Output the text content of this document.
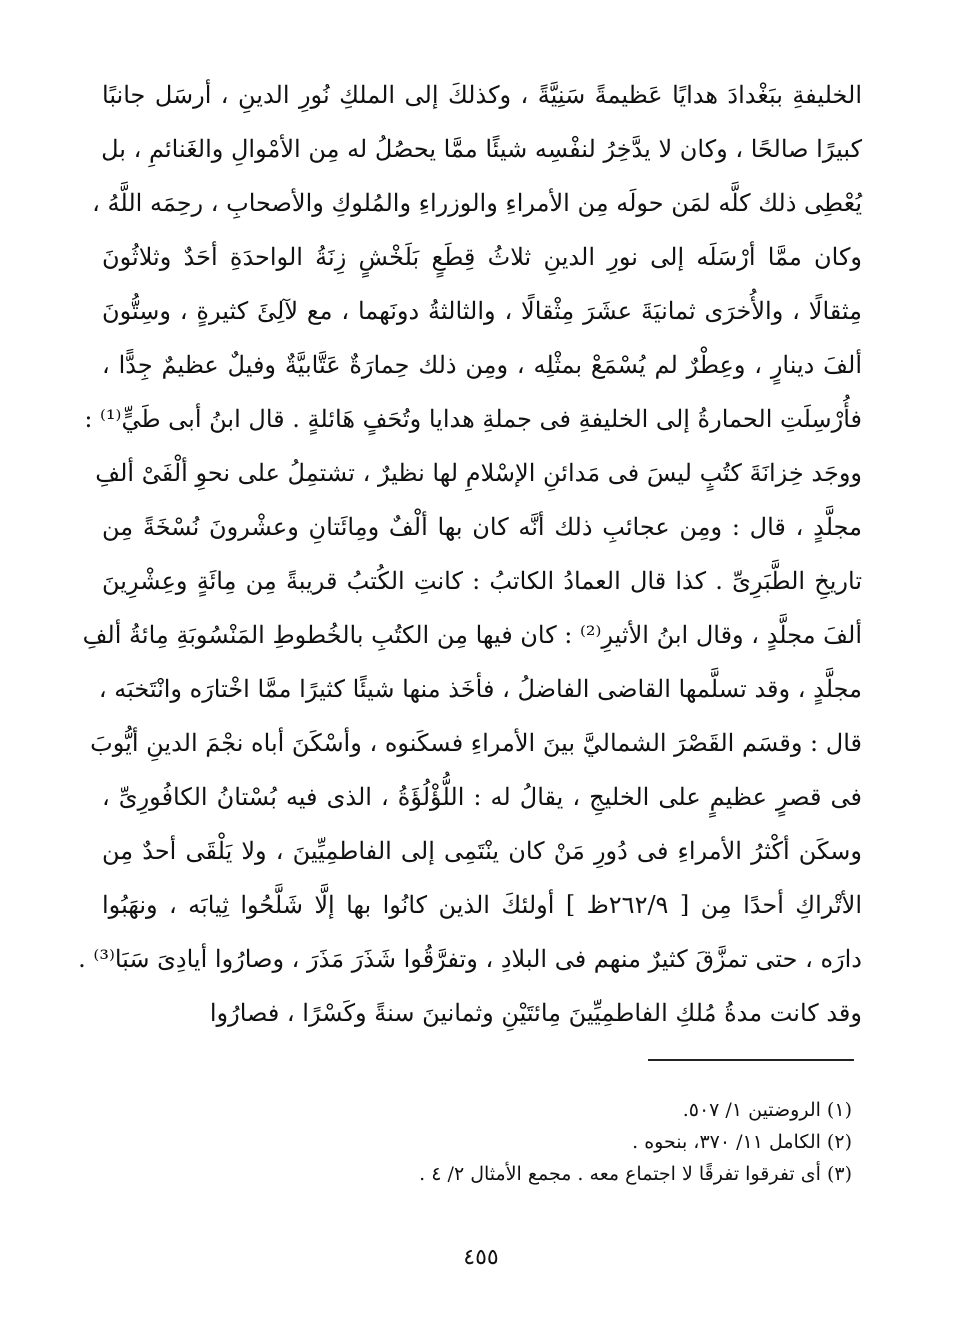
الخليفةِ ببَغْدادَ هدايًا عَظيمةً سَنِيَّةً ، وكذلكَ إلى الملكِ نُورِ الدينِ ، أرسَل جانبًا
كبيرًا صالحًا ، وكان لا يدَّخِرُ لنفْسِه شيئًا ممَّا يحصُلُ له مِن الأمْوالِ والغَنائمِ ، بل
يُعْطِى ذلك كلَّه لمَن حولَه مِن الأمراءِ والوزراءِ والمُلوكِ والأصحابِ ، رحِمَه اللَّهُ ،
وكان ممَّا أرْسَلَه إلى نورِ الدينِ ثلاثُ قِطَعٍ بَلَخْشٍ زِنَةُ الواحدَةِ أحَدٌ وثلاثُونَ
مِثقالًا ، والأُخرَى ثمانيَةَ عشَرَ مِثْقالًا ، والثالثةُ دونَهما ، مع لآلِئَ كثيرةٍ ، وسِتُّونَ
ألفَ دينارٍ ، وعِطْرٌ لم يُسْمَعْ بمثْلِه ، ومِن ذلك حِمارَةٌ عَتَّابيَّةٌ وفيلٌ عظيمٌ جِدًّا ،
فأُرْسِلَتِ الحمارةُ إلى الخليفةِ فى جملةِ هدايا وتُحَفٍ هَائلةٍ . قال ابنُ أبى طَيٍّ⁽¹⁾ :
ووجَد خِزانَةَ كتُبٍ ليسَ فى مَدائنِ الإسْلامِ لها نظيرٌ ، تشتمِلُ على نحوِ ألْفَىْ ألفِ
مجلَّدٍ ، قال : ومِن عجائبِ ذلك أنَّه كان بها ألْفٌ ومِائَتانِ وعشْرونَ نُسْخَةً مِن
تاريخِ الطَّبَرِىِّ . كذا قال العمادُ الكاتبُ : كانتِ الكُتبُ قريبةً مِن مِائَةٍ وعِشْرِينَ
ألفَ مجلَّدٍ ، وقال ابنُ الأثيرِ⁽²⁾ : كان فيها مِن الكتُبِ بالخُطوطِ المَنْسُوبَةِ مِائةُ ألفِ
مجلَّدٍ ، وقد تسلَّمها القاضى الفاضلُ ، فأخَذ منها شيئًا كثيرًا ممَّا اخْتارَه وانْتَخبَه ،
قال : وقسَم القَصْرَ الشماليَّ بينَ الأمراءِ فسكَنوه ، وأسْكَنَ أباه نجْمَ الدينِ أيُّوبَ
فى قصرٍ عظيمٍ على الخليجِ ، يقالُ له : اللُّؤْلُؤَةُ ، الذى فيه بُسْتانُ الكافُورِىِّ ،
وسكَن أكْثرُ الأمراءِ فى دُورِ مَنْ كان ينْتَمِى إلى الفاطمِيِّينَ ، ولا يَلْقَى أحدٌ مِن
الأتْراكِ أحدًا مِن [ ٢٦٢/٩ظ ] أولئكَ الذين كانُوا بها إلَّا شَلَّحُوا ثِيابَه ، ونهَبُوا
دارَه ، حتى تمزَّقَ كثيرٌ منهم فى البلادِ ، وتفرَّقُوا شَذَرَ مَذَرَ ، وصارُوا أيادِىَ سَبَا⁽³⁾ .
وقد كانت مدةُ مُلكِ الفاطمِيِّينَ مِائتَيْنِ وثمانينَ سنةً وكَسْرًا ، فصارُوا
(١) الروضتين ١/ ٥٠٧.
(٢) الكامل ١١/ ٣٧٠، بنحوه .
(٣) أى تفرقوا تفرقًا لا اجتماع معه . مجمع الأمثال ٢/ ٤ .
٤٥٥
